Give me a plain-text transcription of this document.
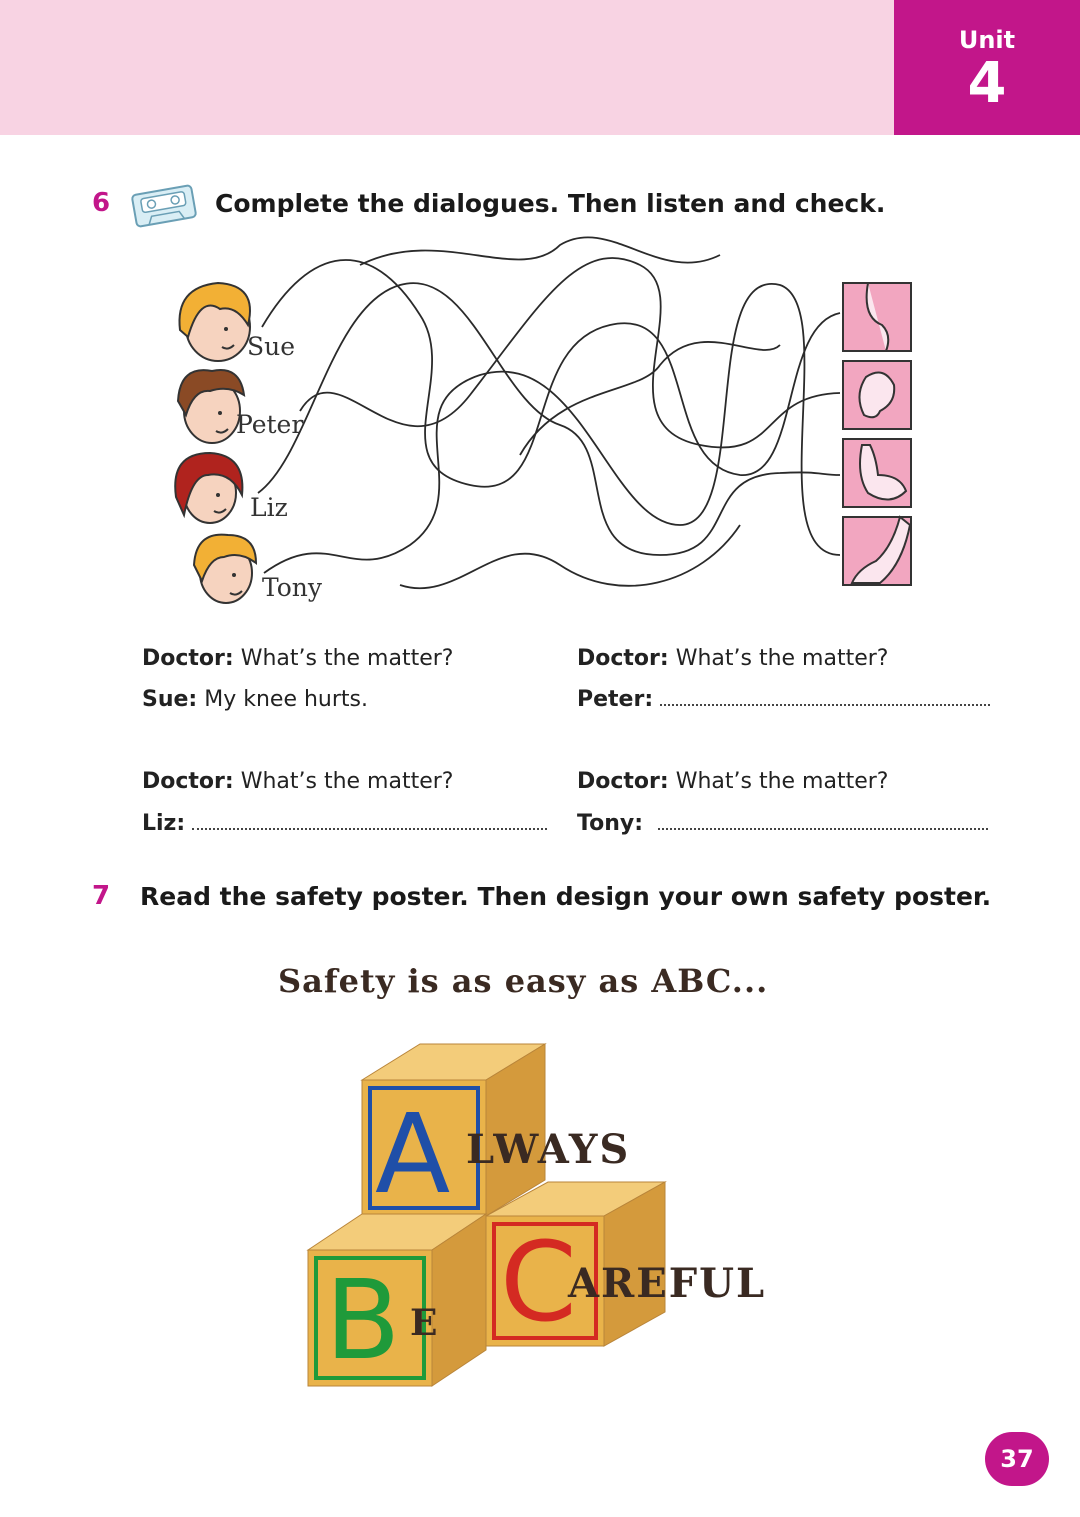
Unit
4
6	Complete the dialogues. Then listen and check.
Sue
Peter
Liz
Tony
Doctor: What’s the matter?
Sue: My knee hurts.
Doctor: What’s the matter?
Peter:
Doctor: What’s the matter?
Liz:
Doctor: What’s the matter?
Tony:
7 Read the safety poster. Then design your own safety poster.
Safety is as easy as ABC...
A LWAYS
B E C
AREFUL
37
